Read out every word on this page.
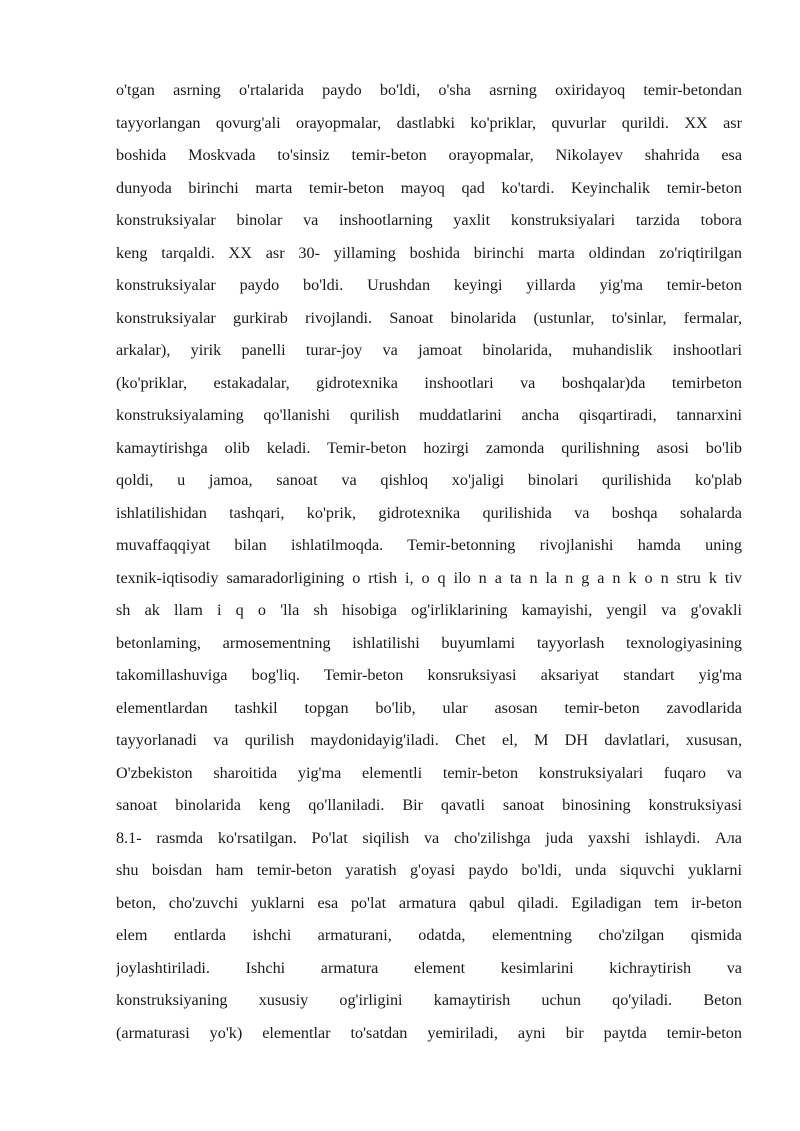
o'tgan asrning o'rtalarida paydo bo'ldi, o'sha asrning oxiridayoq temir-betondan
tayyorlangan qovurg'ali orayopmalar, dastlabki ko'priklar, quvurlar qurildi. XX asr
boshida Moskvada to'sinsiz temir-beton orayopmalar, Nikolayev shahrida esa
dunyoda birinchi marta temir-beton mayoq qad ko'tardi. Keyinchalik temir-beton
konstruksiyalar binolar va inshootlarning yaxlit konstruksiyalari tarzida tobora
keng tarqaldi. XX asr 30- yillaming boshida birinchi marta oldindan zo'riqtirilgan
konstruksiyalar paydo bo'ldi. Urushdan keyingi yillarda yig'ma temir-beton
konstruksiyalar gurkirab rivojlandi. Sanoat binolarida (ustunlar, to'sinlar, fermalar,
arkalar), yirik panelli turar-joy va jamoat binolarida, muhandislik inshootlari
(ko'priklar, estakadalar, gidrotexnika inshootlari va boshqalar)da temirbeton
konstruksiyalaming qo'llanishi qurilish muddatlarini ancha qisqartiradi, tannarxini
kamaytirishga olib keladi. Temir-beton hozirgi zamonda qurilishning asosi bo'lib
qoldi, u jamoa, sanoat va qishloq xo'jaligi binolari qurilishida ko'plab
ishlatilishidan tashqari, ko'prik, gidrotexnika qurilishida va boshqa sohalarda
muvaffaqqiyat bilan ishlatilmoqda. Temir-betonning rivojlanishi hamda uning
texnik-iqtisodiy samaradorligining o rtish i, o q ilo n a ta n la n g a n k o n stru k tiv
sh ak llam i q o 'lla sh hisobiga og'irliklarining kamayishi, yengil va g'ovakli
betonlaming, armosementning ishlatilishi buyumlami tayyorlash texnologiyasining
takomillashuviga bog'liq. Temir-beton konsruksiyasi aksariyat standart yig'ma
elementlardan tashkil topgan bo'lib, ular asosan temir-beton zavodlarida
tayyorlanadi va qurilish maydonidayig'iladi. Chet el, M DH davlatlari, xususan,
O'zbekiston sharoitida yig'ma elementli temir-beton konstruksiyalari fuqaro va
sanoat binolarida keng qo'llaniladi. Bir qavatli sanoat binosining konstruksiyasi
8.1- rasmda ko'rsatilgan. Po'lat siqilish va cho'zilishga juda yaxshi ishlaydi. Ала
shu boisdan ham temir-beton yaratish g'oyasi paydo bo'ldi, unda siquvchi yuklarni
beton, cho'zuvchi yuklarni esa po'lat armatura qabul qiladi. Egiladigan tem ir-beton
elem entlarda ishchi armaturani, odatda, elementning cho'zilgan qismida
joylashtiriladi. Ishchi armatura element kesimlarini kichraytirish va
konstruksiyaning xususiy og'irligini kamaytirish uchun qo'yiladi. Beton
(armaturasi yo'k) elementlar to'satdan yemiriladi, ayni bir paytda temir-beton
